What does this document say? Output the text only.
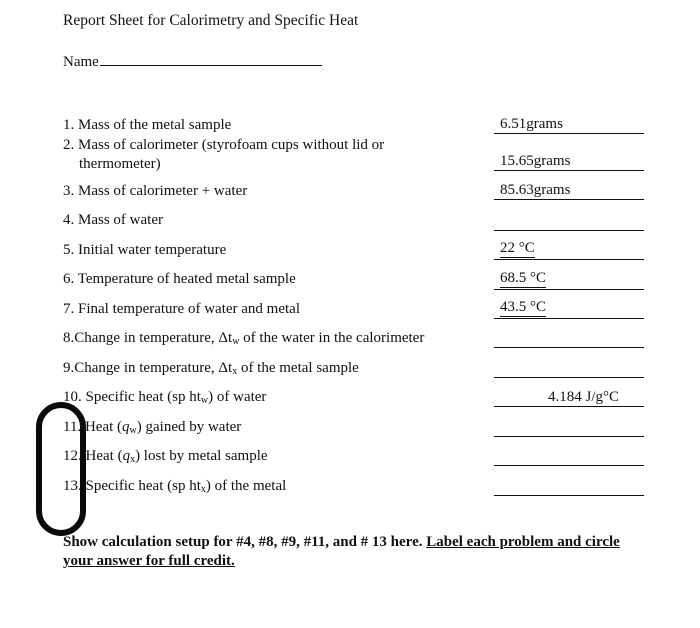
Report Sheet for Calorimetry and Specific Heat
Name
1. Mass of the metal sample	6.51grams
2. Mass of calorimeter (styrofoam cups without lid or
thermometer)	15.65grams
3. Mass of calorimeter + water	85.63grams
4. Mass of water
5. Initial water temperature	22 °C
6. Temperature of heated metal sample	68.5 °C
7. Final temperature of water and metal	43.5 °C
8.Change in temperature, $\Delta t_w$ of the water in the calorimeter
9.Change in temperature, $\Delta t_x$ of the metal sample
10. Specific heat (sp $ht_w$) of water	4.184 J/g°C
11. Heat $(q_w)$ gained by water
12. Heat $(q_x)$ lost by metal sample
13. Specific heat (sp $ht_x$) of the metal
Show calculation setup for #4, #8, #9, #11, and # 13 here. Label each problem and circle your answer for full credit.
